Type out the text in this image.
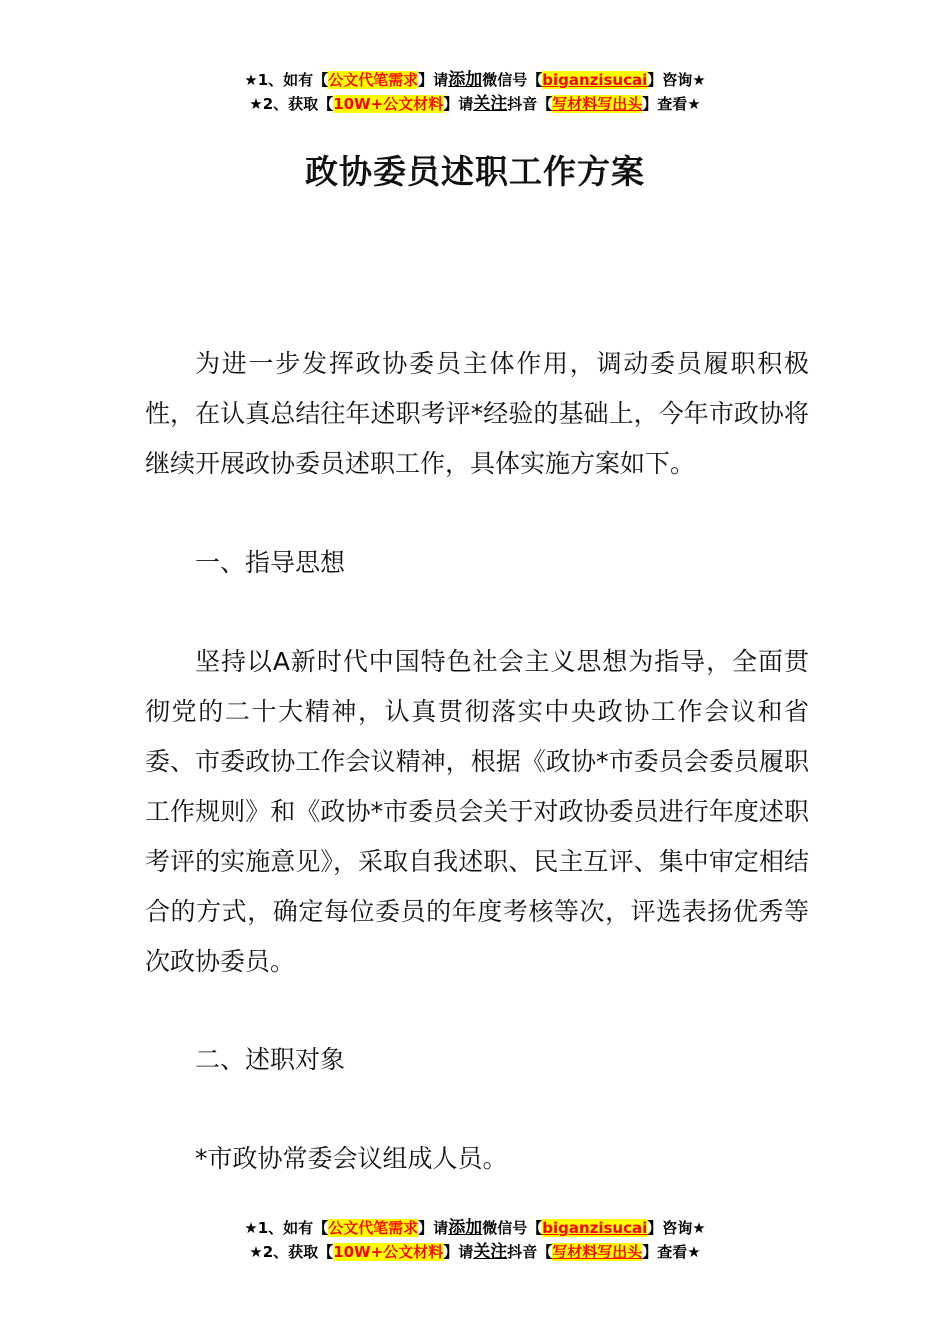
★1、如有【公文代笔需求】请添加微信号【biganzisucai】咨询★
★2、获取【10W+公文材料】请关注抖音【写材料写出头】查看★
政协委员述职工作方案

为进一步发挥政协委员主体作用，调动委员履职积极性，在认真总结往年述职考评*经验的基础上，今年市政协将继续开展政协委员述职工作，具体实施方案如下。

一、指导思想

坚持以A新时代中国特色社会主义思想为指导，全面贯彻党的二十大精神，认真贯彻落实中央政协工作会议和省委、市委政协工作会议精神，根据《政协*市委员会委员履职工作规则》和《政协*市委员会关于对政协委员进行年度述职考评的实施意见》，采取自我述职、民主互评、集中审定相结合的方式，确定每位委员的年度考核等次，评选表扬优秀等次政协委员。

二、述职对象

*市政协常委会议组成人员。

★1、如有【公文代笔需求】请添加微信号【biganzisucai】咨询★
★2、获取【10W+公文材料】请关注抖音【写材料写出头】查看★
